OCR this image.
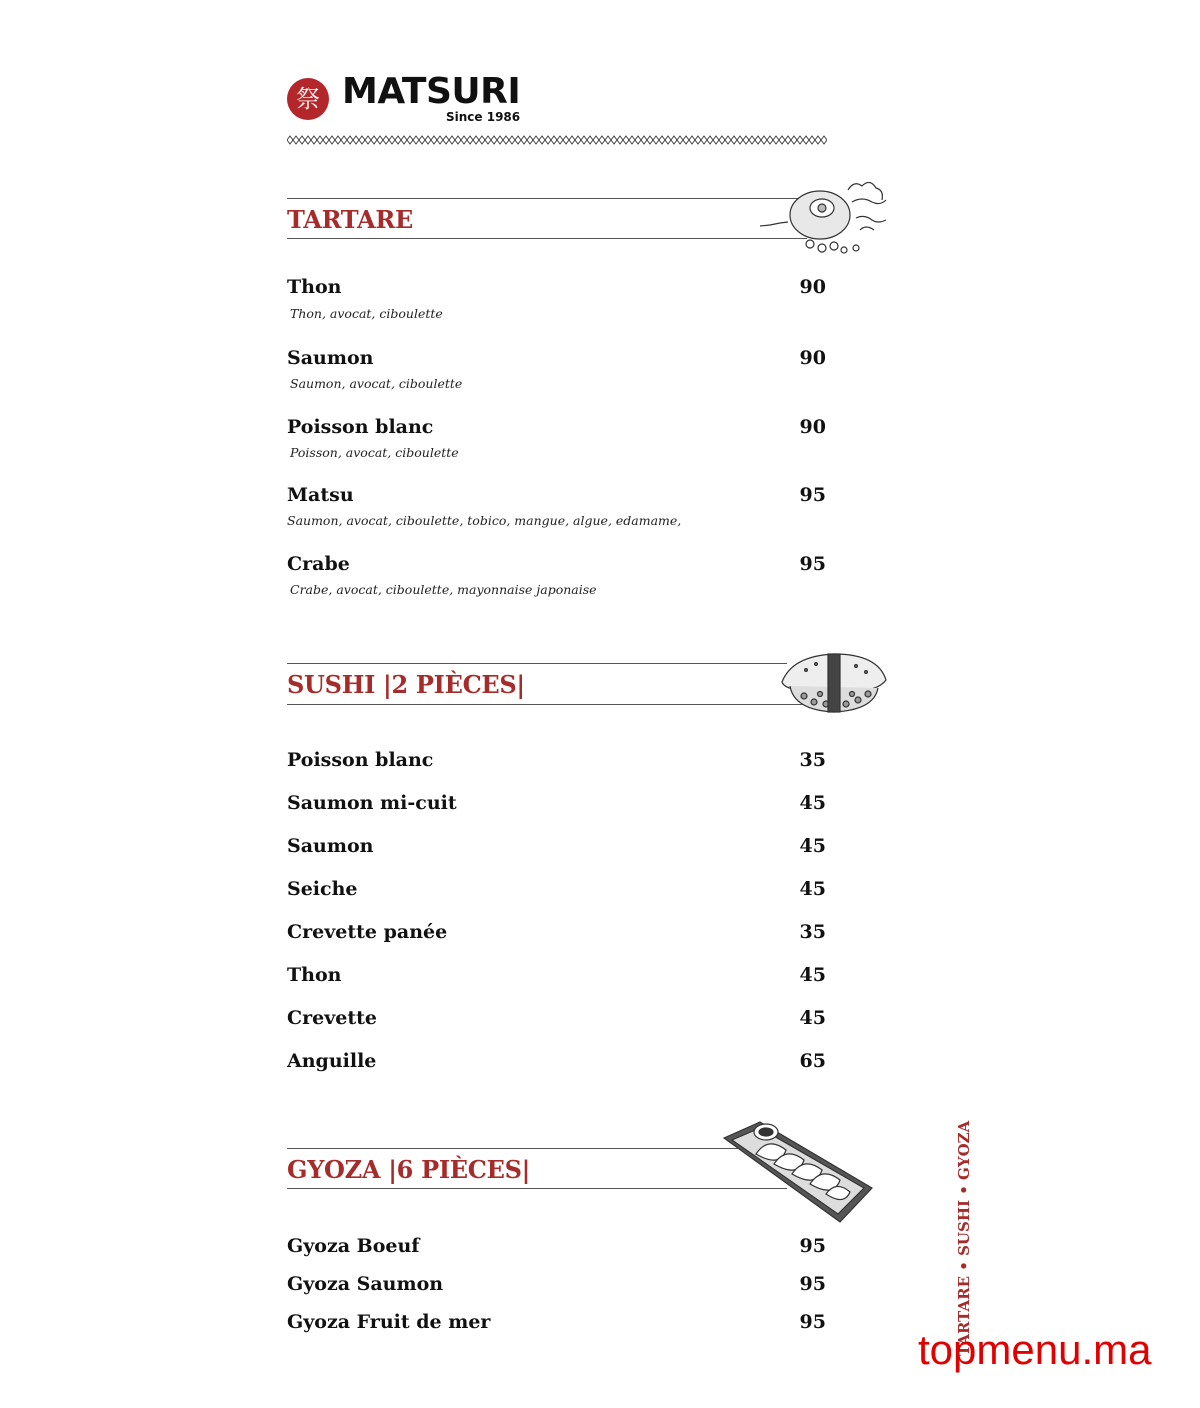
祭 MATSURI
Since 1986
TARTARE
Thon	90
Thon, avocat, ciboulette
Saumon	90
Saumon, avocat, ciboulette
Poisson blanc	90
Poisson, avocat, ciboulette
Matsu	95
Saumon, avocat, ciboulette, tobico, mangue, algue, edamame,
Crabe	95
Crabe, avocat, ciboulette, mayonnaise japonaise
SUSHI |2 PIÈCES|
Poisson blanc	35
Saumon mi-cuit	45
Saumon	45
Seiche	45
Crevette panée	35
Thon	45
Crevette	45
Anguille	65
GYOZA |6 PIÈCES|
Gyoza Boeuf	95
Gyoza Saumon	95
Gyoza Fruit de mer	95	TARTARE • SUSHI • GYOZA
topmenu.ma
